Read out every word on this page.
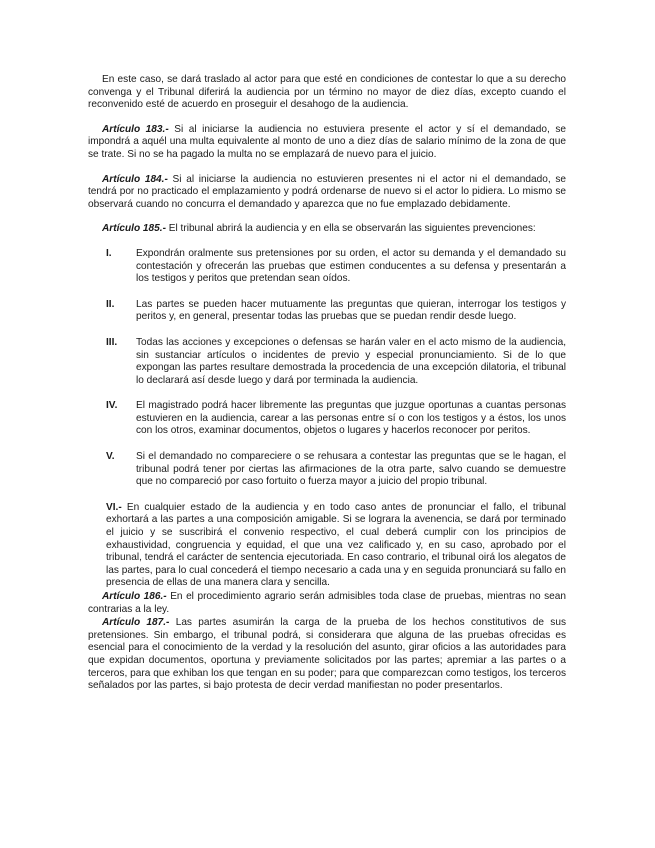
En este caso, se dará traslado al actor para que esté en condiciones de contestar lo que a su derecho convenga y el Tribunal diferirá la audiencia por un término no mayor de diez días, excepto cuando el reconvenido esté de acuerdo en proseguir el desahogo de la audiencia.

Artículo 183.- Si al iniciarse la audiencia no estuviera presente el actor y sí el demandado, se impondrá a aquél una multa equivalente al monto de uno a diez días de salario mínimo de la zona de que se trate. Si no se ha pagado la multa no se emplazará de nuevo para el juicio.

Artículo 184.- Si al iniciarse la audiencia no estuvieren presentes ni el actor ni el demandado, se tendrá por no practicado el emplazamiento y podrá ordenarse de nuevo si el actor lo pidiera. Lo mismo se observará cuando no concurra el demandado y aparezca que no fue emplazado debidamente.

Artículo 185.- El tribunal abrirá la audiencia y en ella se observarán las siguientes prevenciones:

I.	Expondrán oralmente sus pretensiones por su orden, el actor su demanda y el demandado su contestación y ofrecerán las pruebas que estimen conducentes a su defensa y presentarán a los testigos y peritos que pretendan sean oídos.
II.	Las partes se pueden hacer mutuamente las preguntas que quieran, interrogar los testigos y peritos y, en general, presentar todas las pruebas que se puedan rendir desde luego.
III.	Todas las acciones y excepciones o defensas se harán valer en el acto mismo de la audiencia, sin sustanciar artículos o incidentes de previo y especial pronunciamiento. Si de lo que expongan las partes resultare demostrada la procedencia de una excepción dilatoria, el tribunal lo declarará así desde luego y dará por terminada la audiencia.
IV.	El magistrado podrá hacer libremente las preguntas que juzgue oportunas a cuantas personas estuvieren en la audiencia, carear a las personas entre sí o con los testigos y a éstos, los unos con los otros, examinar documentos, objetos o lugares y hacerlos reconocer por peritos.
V.	Si el demandado no compareciere o se rehusara a contestar las preguntas que se le hagan, el tribunal podrá tener por ciertas las afirmaciones de la otra parte, salvo cuando se demuestre que no compareció por caso fortuito o fuerza mayor a juicio del propio tribunal.

VI.- En cualquier estado de la audiencia y en todo caso antes de pronunciar el fallo, el tribunal exhortará a las partes a una composición amigable. Si se lograra la avenencia, se dará por terminado el juicio y se suscribirá el convenio respectivo, el cual deberá cumplir con los principios de exhaustividad, congruencia y equidad, el que una vez calificado y, en su caso, aprobado por el tribunal, tendrá el carácter de sentencia ejecutoriada. En caso contrario, el tribunal oirá los alegatos de las partes, para lo cual concederá el tiempo necesario a cada una y en seguida pronunciará su fallo en presencia de ellas de una manera clara y sencilla.

Artículo 186.- En el procedimiento agrario serán admisibles toda clase de pruebas, mientras no sean contrarias a la ley.

Artículo 187.- Las partes asumirán la carga de la prueba de los hechos constitutivos de sus pretensiones. Sin embargo, el tribunal podrá, si considerara que alguna de las pruebas ofrecidas es esencial para el conocimiento de la verdad y la resolución del asunto, girar oficios a las autoridades para que expidan documentos, oportuna y previamente solicitados por las partes; apremiar a las partes o a terceros, para que exhiban los que tengan en su poder; para que comparezcan como testigos, los terceros señalados por las partes, si bajo protesta de decir verdad manifiestan no poder presentarlos.
